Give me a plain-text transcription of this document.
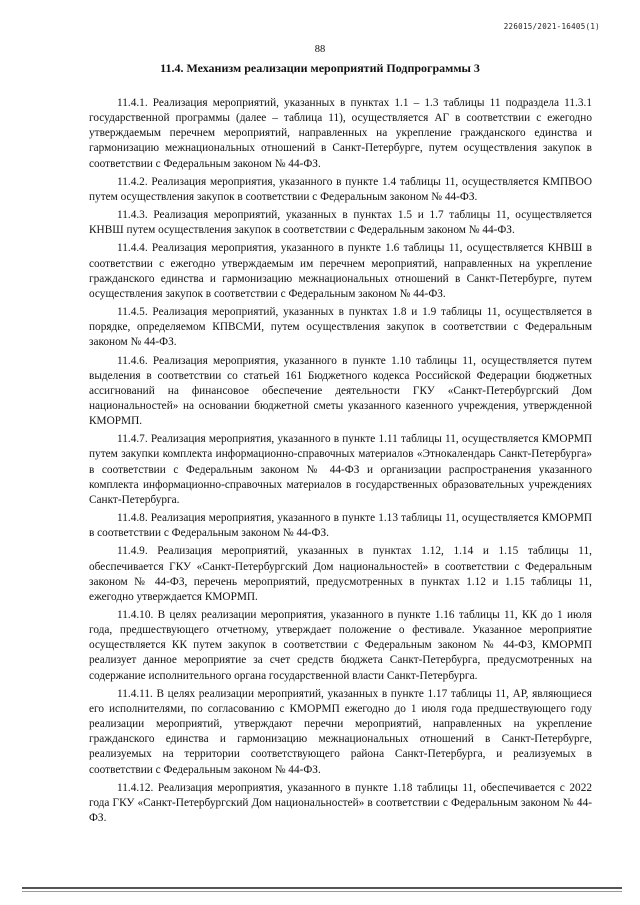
226015/2021-16405(1)
88
11.4. Механизм реализации мероприятий Подпрограммы 3

11.4.1. Реализация мероприятий, указанных в пунктах 1.1 – 1.3 таблицы 11 подраздела 11.3.1 государственной программы (далее – таблица 11), осуществляется АГ в соответствии с ежегодно утверждаемым перечнем мероприятий, направленных на укрепление гражданского единства и гармонизацию межнациональных отношений в Санкт-Петербурге, путем осуществления закупок в соответствии с Федеральным законом № 44-ФЗ.

11.4.2. Реализация мероприятия, указанного в пункте 1.4 таблицы 11, осуществляется КМПВОО путем осуществления закупок в соответствии с Федеральным законом № 44-ФЗ.

11.4.3. Реализация мероприятий, указанных в пунктах 1.5 и 1.7 таблицы 11, осуществляется КНВШ путем осуществления закупок в соответствии с Федеральным законом № 44-ФЗ.

11.4.4. Реализация мероприятия, указанного в пункте 1.6 таблицы 11, осуществляется КНВШ в соответствии с ежегодно утверждаемым им перечнем мероприятий, направленных на укрепление гражданского единства и гармонизацию межнациональных отношений в Санкт-Петербурге, путем осуществления закупок в соответствии с Федеральным законом № 44-ФЗ.

11.4.5. Реализация мероприятий, указанных в пунктах 1.8 и 1.9 таблицы 11, осуществляется в порядке, определяемом КПВСМИ, путем осуществления закупок в соответствии с Федеральным законом № 44-ФЗ.

11.4.6. Реализация мероприятия, указанного в пункте 1.10 таблицы 11, осуществляется путем выделения в соответствии со статьей 161 Бюджетного кодекса Российской Федерации бюджетных ассигнований на финансовое обеспечение деятельности ГКУ «Санкт-Петербургский Дом национальностей» на основании бюджетной сметы указанного казенного учреждения, утвержденной КМОРМП.

11.4.7. Реализация мероприятия, указанного в пункте 1.11 таблицы 11, осуществляется КМОРМП путем закупки комплекта информационно-справочных материалов «Этнокалендарь Санкт-Петербурга» в соответствии с Федеральным законом № 44-ФЗ и организации распространения указанного комплекта информационно-справочных материалов в государственных образовательных учреждениях Санкт-Петербурга.

11.4.8. Реализация мероприятия, указанного в пункте 1.13 таблицы 11, осуществляется КМОРМП в соответствии с Федеральным законом № 44-ФЗ.

11.4.9. Реализация мероприятий, указанных в пунктах 1.12, 1.14 и 1.15 таблицы 11, обеспечивается ГКУ «Санкт-Петербургский Дом национальностей» в соответствии с Федеральным законом № 44-ФЗ, перечень мероприятий, предусмотренных в пунктах 1.12 и 1.15 таблицы 11, ежегодно утверждается КМОРМП.

11.4.10. В целях реализации мероприятия, указанного в пункте 1.16 таблицы 11, КК до 1 июля года, предшествующего отчетному, утверждает положение о фестивале. Указанное мероприятие осуществляется КК путем закупок в соответствии с Федеральным законом № 44-ФЗ, КМОРМП реализует данное мероприятие за счет средств бюджета Санкт-Петербурга, предусмотренных на содержание исполнительного органа государственной власти Санкт-Петербурга.

11.4.11. В целях реализации мероприятий, указанных в пункте 1.17 таблицы 11, АР, являющиеся его исполнителями, по согласованию с КМОРМП ежегодно до 1 июля года предшествующего году реализации мероприятий, утверждают перечни мероприятий, направленных на укрепление гражданского единства и гармонизацию межнациональных отношений в Санкт-Петербурге, реализуемых на территории соответствующего района Санкт-Петербурга, и реализуемых в соответствии с Федеральным законом № 44-ФЗ.

11.4.12. Реализация мероприятия, указанного в пункте 1.18 таблицы 11, обеспечивается с 2022 года ГКУ «Санкт-Петербургский Дом национальностей» в соответствии с Федеральным законом № 44-ФЗ.
